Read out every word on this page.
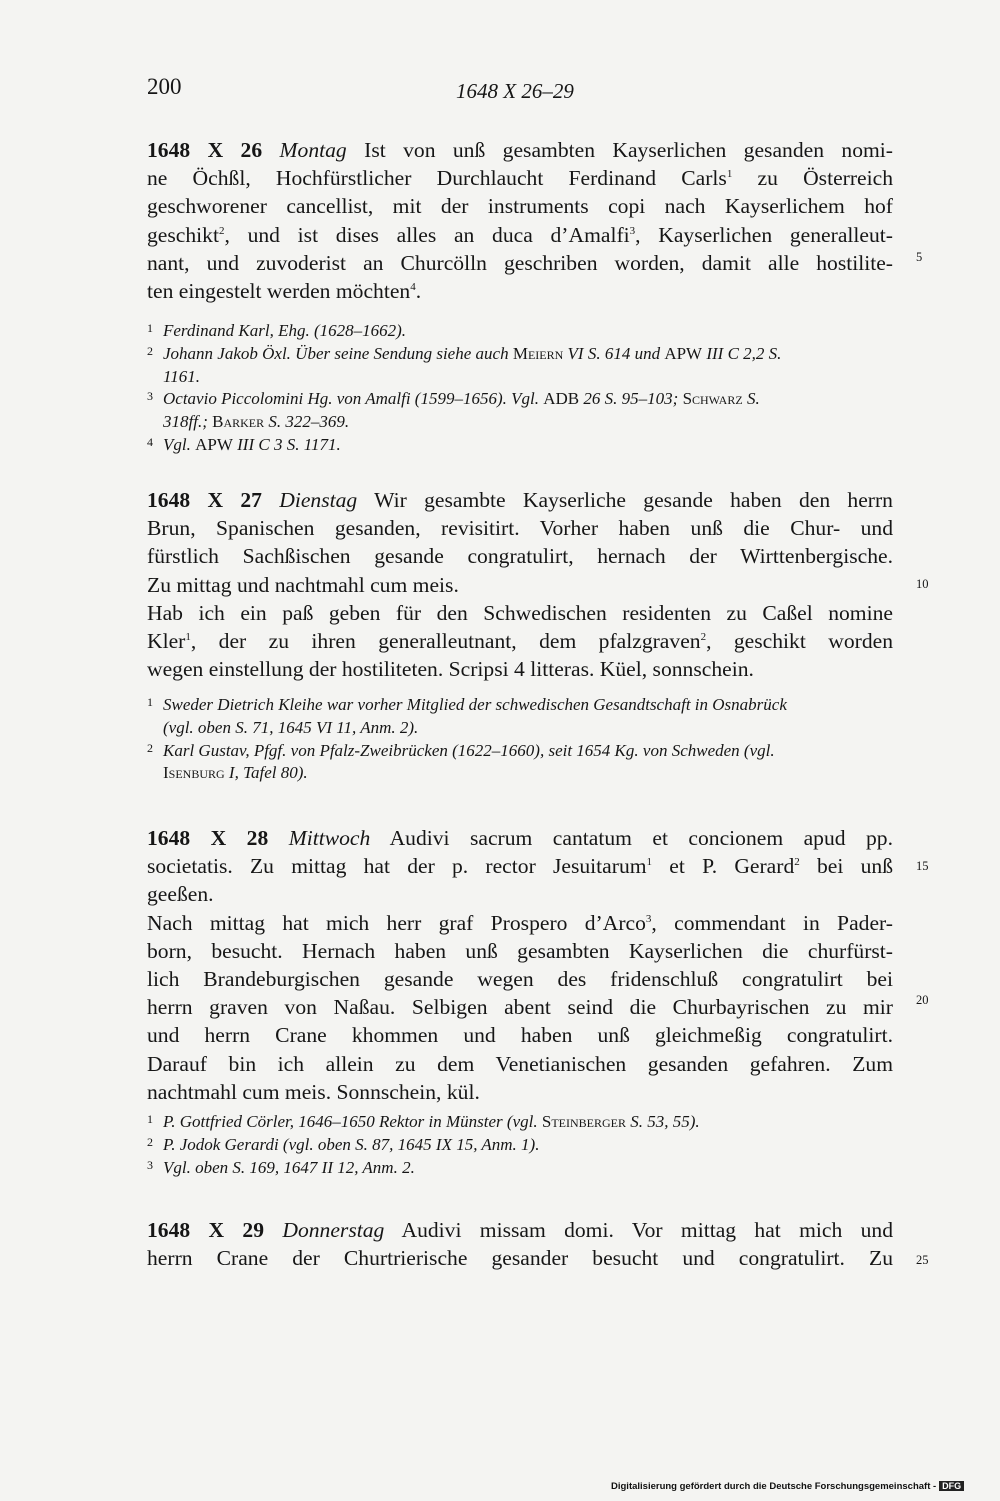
200	1648 X 26–29
1648 X 26 Montag Ist von unß gesambten Kayserlichen gesanden nomi-
ne Öchßl, Hochfürstlicher Durchlaucht Ferdinand Carls$^1$ zu Österreich
geschworener cancellist, mit der instruments copi nach Kayserlichem hof
geschikt$^2$, und ist dises alles an duca d’Amalfi$^3$, Kayserlichen generalleut-
nant, und zuvoderist an Churcölln geschriben worden, damit alle hostilite-
ten eingestelt werden möchten$^4$.
1 Ferdinand Karl, Ehg. (1628–1662).
2 Johann Jakob Öxl. Über seine Sendung siehe auch Meiern VI S. 614 und APW III C 2,2 S.
1161.
3 Octavio Piccolomini Hg. von Amalfi (1599–1656). Vgl. ADB 26 S. 95–103; Schwarz S.
318ff.; Barker S. 322–369.
4 Vgl. APW III C 3 S. 1171.
1648 X 27 Dienstag Wir gesambte Kayserliche gesande haben den herrn
Brun, Spanischen gesanden, revisitirt. Vorher haben unß die Chur- und
fürstlich Sachßischen gesande congratulirt, hernach der Wirttenbergische.
Zu mittag und nachtmahl cum meis.
Hab ich ein paß geben für den Schwedischen residenten zu Caßel nomine
Kler$^1$, der zu ihren generalleutnant, dem pfalzgraven$^2$, geschikt worden
wegen einstellung der hostiliteten. Scripsi 4 litteras. Küel, sonnschein.
1 Sweder Dietrich Kleihe war vorher Mitglied der schwedischen Gesandtschaft in Osnabrück
(vgl. oben S. 71, 1645 VI 11, Anm. 2).
2 Karl Gustav, Pfgf. von Pfalz-Zweibrücken (1622–1660), seit 1654 Kg. von Schweden (vgl.
Isenburg I, Tafel 80).
1648 X 28 Mittwoch Audivi sacrum cantatum et concionem apud pp.
societatis. Zu mittag hat der p. rector Jesuitarum$^1$ et P. Gerard$^2$ bei unß
geeßen.
Nach mittag hat mich herr graf Prospero d’Arco$^3$, commendant in Pader-
born, besucht. Hernach haben unß gesambten Kayserlichen die churfürst-
lich Brandeburgischen gesande wegen des fridenschluß congratulirt bei
herrn graven von Naßau. Selbigen abent seind die Churbayrischen zu mir
und herrn Crane khommen und haben unß gleichmeßig congratulirt.
Darauf bin ich allein zu dem Venetianischen gesanden gefahren. Zum
nachtmahl cum meis. Sonnschein, kül.
1 P. Gottfried Cörler, 1646–1650 Rektor in Münster (vgl. Steinberger S. 53, 55).
2 P. Jodok Gerardi (vgl. oben S. 87, 1645 IX 15, Anm. 1).
3 Vgl. oben S. 169, 1647 II 12, Anm. 2.
1648 X 29 Donnerstag Audivi missam domi. Vor mittag hat mich und
herrn Crane der Churtrierische gesander besucht und congratulirt. Zu
5
10
15
20
25
Digitalisierung gefördert durch die Deutsche Forschungsgemeinschaft - DFG
